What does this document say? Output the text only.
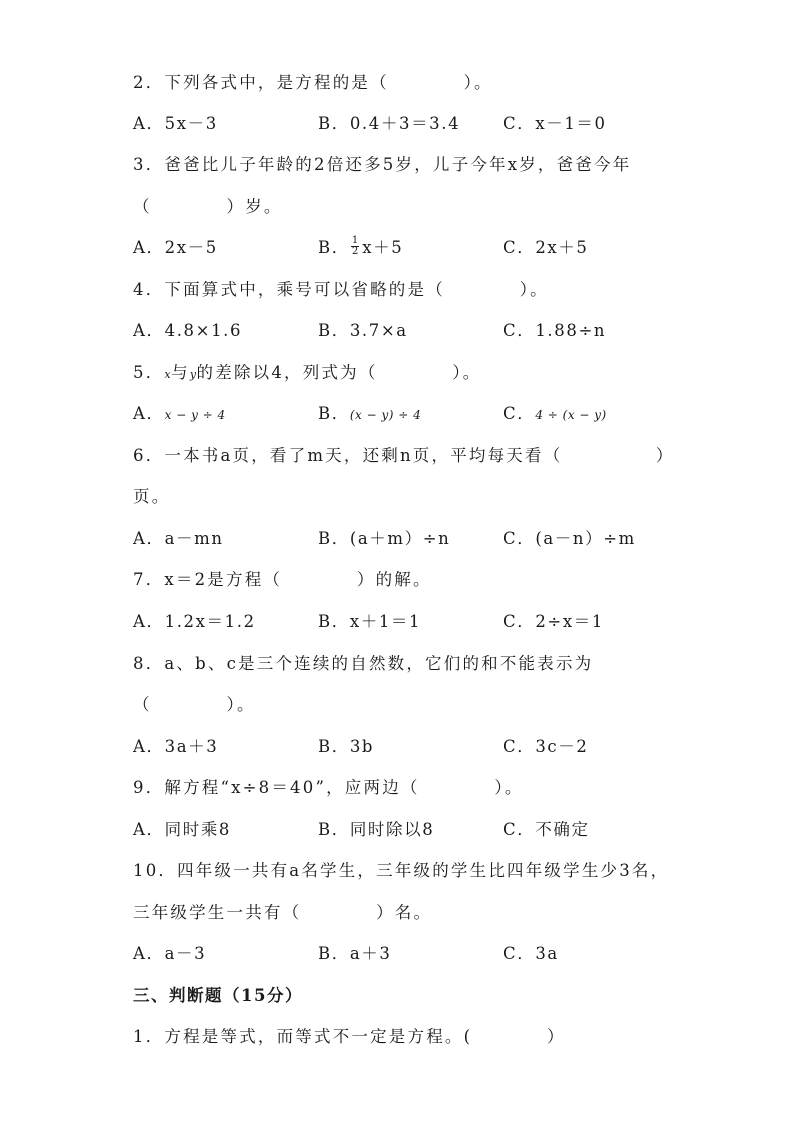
2．下列各式中，是方程的是（　　　　）。
A．5x－3	B．0.4＋3＝3.4	C．x－1＝0
3．爸爸比儿子年龄的2倍还多5岁，儿子今年x岁，爸爸今年
（　　　　）岁。
A．2x－5	B． $\frac{1}{2} x+5$	C．2x＋5
4．下面算式中，乘号可以省略的是（　　　　）。
A．4.8×1.6	B．3.7×a	C．1.88÷n
5．x与y的差除以4，列式为（　　　　）。
A．x − y ÷ 4	B．(x − y) ÷ 4	C．4 ÷ (x − y)
6．一本书a页，看了m天，还剩n页，平均每天看（　　　　　）
页。
A．a－mn	B．(a＋m）÷n	C．(a－n）÷m
7．x＝2是方程（　　　　）的解。
A．1.2x＝1.2	B．x＋1＝1	C．2÷x＝1
8．a、b、c是三个连续的自然数，它们的和不能表示为
（　　　　）。
A．3a＋3	B．3b	C．3c－2
9．解方程“x÷8＝40”，应两边（　　　　）。
A．同时乘8	B．同时除以8	C．不确定
10．四年级一共有a名学生，三年级的学生比四年级学生少3名，
三年级学生一共有（　　　　）名。
A．a－3	B．a＋3	C．3a
三、判断题（15分）
1．方程是等式，而等式不一定是方程。(　　　　）
